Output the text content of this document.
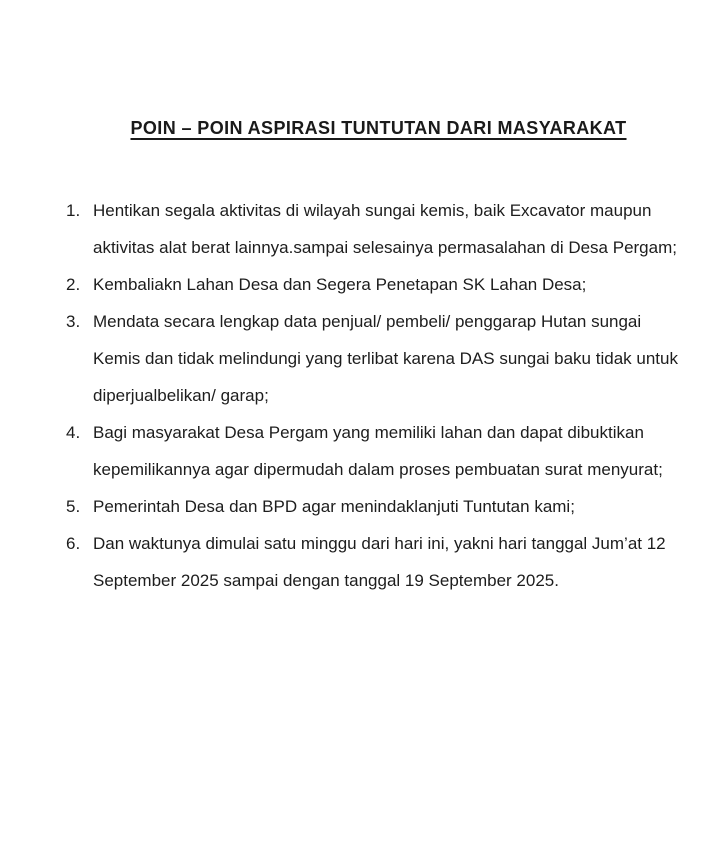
POIN – POIN ASPIRASI TUNTUTAN DARI MASYARAKAT
1. Hentikan segala aktivitas di wilayah sungai kemis, baik Excavator maupun aktivitas alat berat lainnya.sampai selesainya permasalahan di Desa Pergam;
2. Kembaliakn Lahan Desa dan Segera Penetapan SK Lahan Desa;
3. Mendata secara lengkap data penjual/ pembeli/ penggarap Hutan sungai Kemis dan tidak melindungi yang terlibat karena DAS sungai baku tidak untuk diperjualbelikan/ garap;
4. Bagi masyarakat Desa Pergam yang memiliki lahan dan dapat dibuktikan kepemilikannya agar dipermudah dalam proses pembuatan surat menyurat;
5. Pemerintah Desa dan BPD agar menindaklanjuti Tuntutan kami;
6. Dan waktunya dimulai satu minggu dari hari ini, yakni hari tanggal Jum’at 12 September 2025 sampai dengan tanggal 19 September 2025.
